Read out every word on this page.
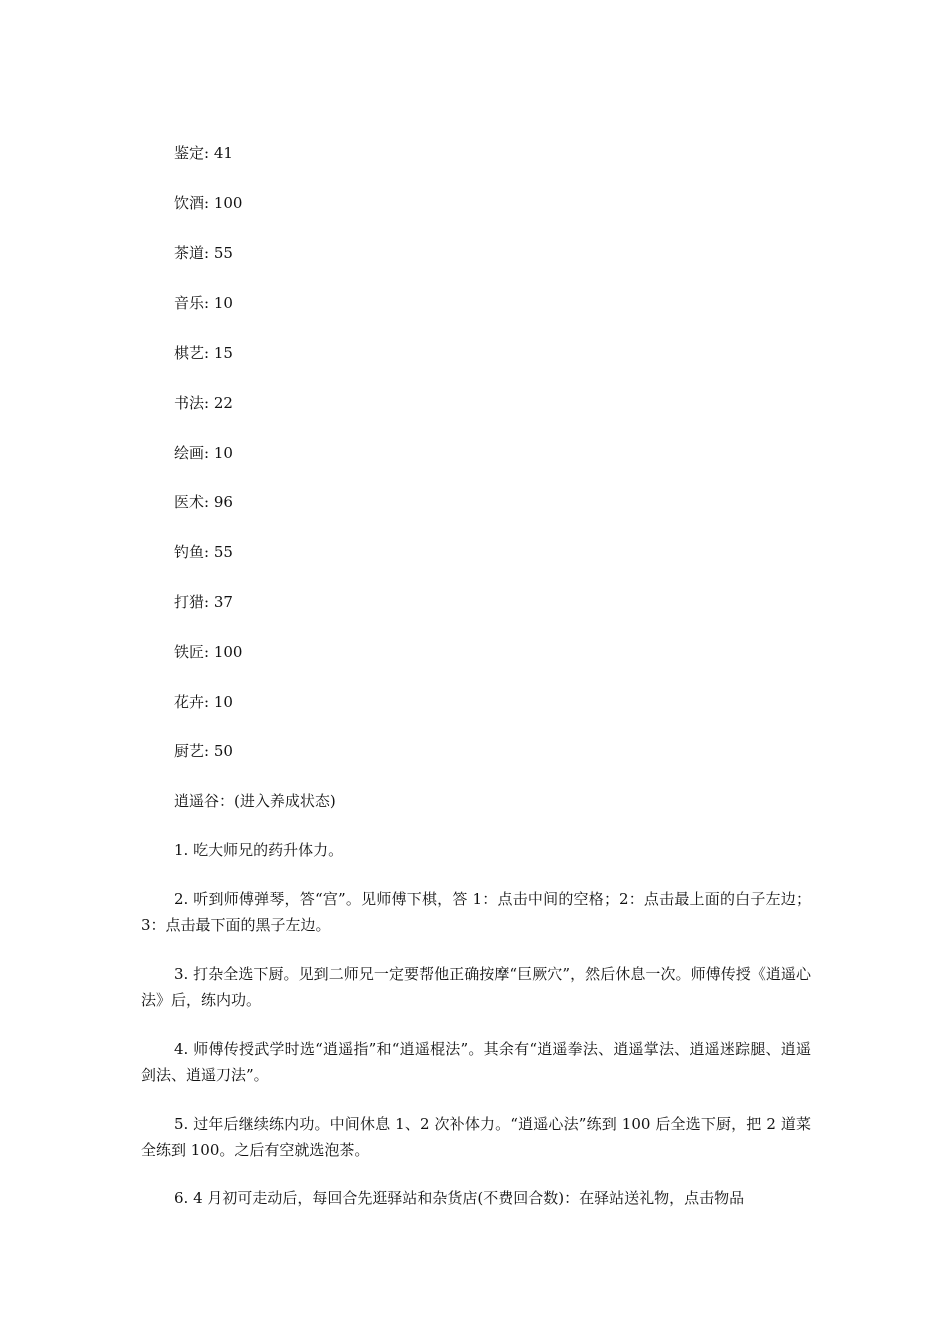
鉴定: 41
饮酒: 100
茶道: 55
音乐: 10
棋艺: 15
书法: 22
绘画: 10
医术: 96
钓鱼: 55
打猎: 37
铁匠: 100
花卉: 10
厨艺: 50
逍遥谷：(进入养成状态)

1. 吃大师兄的药升体力。

2. 听到师傅弹琴，答“宫”。见师傅下棋，答 1：点击中间的空格；2：点击最上面的白子左边；3：点击最下面的黑子左边。

3. 打杂全选下厨。见到二师兄一定要帮他正确按摩“巨厥穴”，然后休息一次。师傅传授《逍遥心法》后，练内功。

4. 师傅传授武学时选“逍遥指”和“逍遥棍法”。其余有“逍遥拳法、逍遥掌法、逍遥迷踪腿、逍遥剑法、逍遥刀法”。

5. 过年后继续练内功。中间休息 1、2 次补体力。“逍遥心法”练到 100 后全选下厨，把 2 道菜全练到 100。之后有空就选泡茶。

6. 4 月初可走动后，每回合先逛驿站和杂货店(不费回合数)：在驿站送礼物，点击物品
